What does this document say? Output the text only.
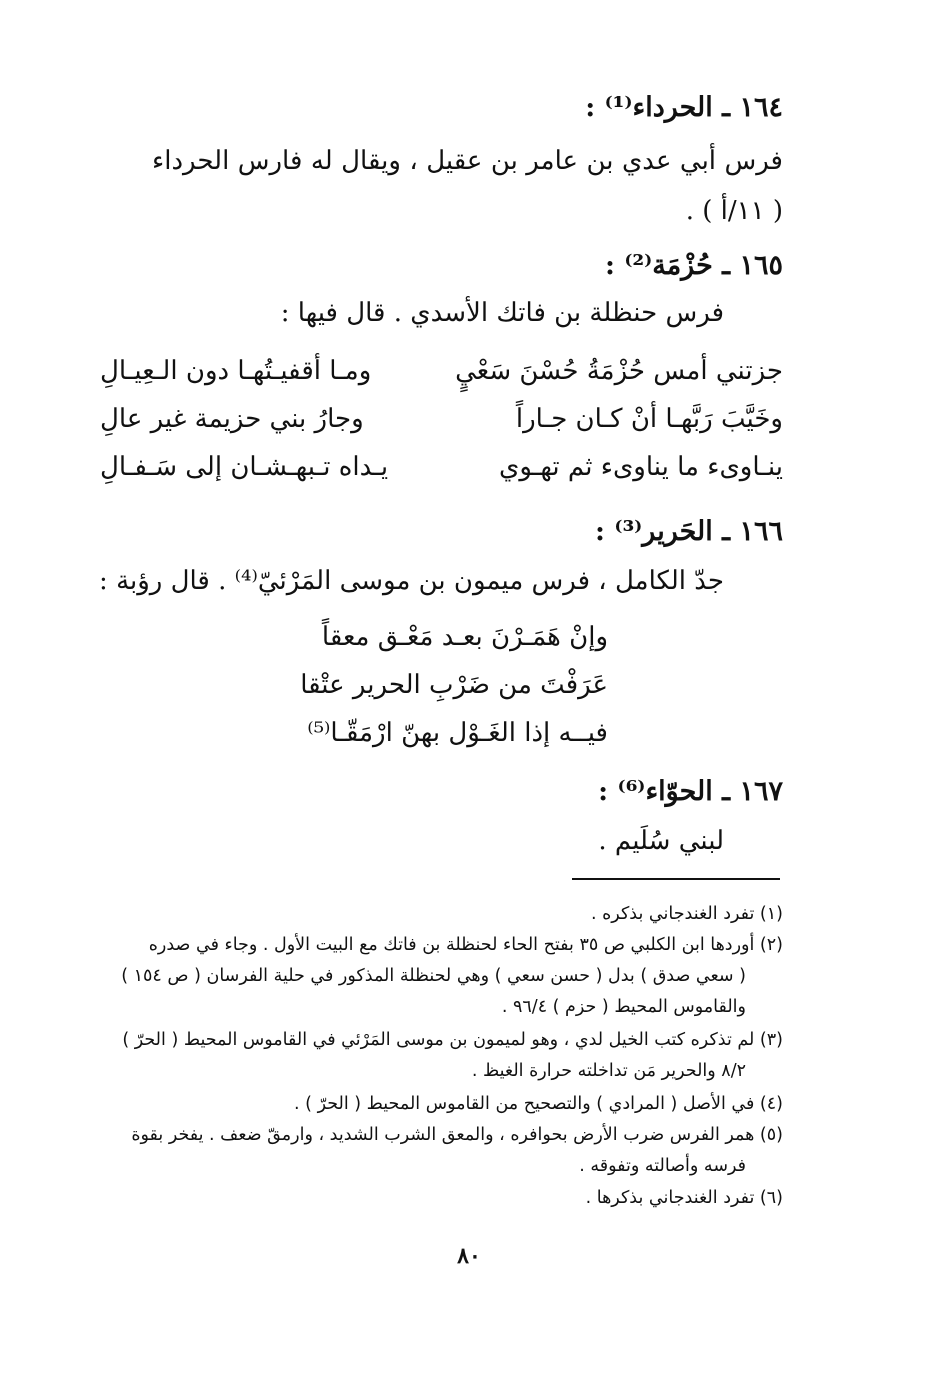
١٦٤ ـ الحرداء⁽¹⁾ :
فرس أبي عدي بن عامر بن عقيل ، ويقال له فارس الحرداء
( ١١/أ ) .
١٦٥ ـ حُزْمَة⁽²⁾ :
فرس حنظلة بن فاتك الأسدي . قال فيها :
جزتني أمس حُزْمَةُ حُسْنَ سَعْيٍ
ومـا أقفيـتُهـا دون الـعِيـالِ
وخَيَّبَ رَبَّهـا أنْ كـان جـاراً
وجارُ بني حزيمة غير عالِ
ينـاوىء ما يناوىء ثم تهـوي
يـداه تـبهـشـان إلى سَـفـالِ
١٦٦ ـ الحَرير⁽³⁾ :
جدّ الكامل ، فرس ميمون بن موسى المَرْئيّ⁽⁴⁾ . قال رؤبة :
وإنْ هَمَـرْنَ بعـد مَعْـق معقاً
عَرَفْتَ من ضَرْبِ الحرير عتْقا
فيــه إذا الغَـوْل بهنّ ارْمَقّـا⁽⁵⁾
١٦٧ ـ الحوّاء⁽⁶⁾ :
لبني سُلَيم .
(١) تفرد الغندجاني بذكره .
(٢) أوردها ابن الكلبي ص ٣٥ بفتح الحاء لحنظلة بن فاتك مع البيت الأول . وجاء في صدره
( سعي صدق ) بدل ( حسن سعي ) وهي لحنظلة المذكور في حلية الفرسان ( ص ١٥٤ )
والقاموس المحيط ( حزم ) ٩٦/٤ .
(٣) لم تذكره كتب الخيل لدي ، وهو لميمون بن موسى المَرْئي في القاموس المحيط ( الحرّ )
٨/٢ والحرير مَن تداخلته حرارة الغيظ .
(٤) في الأصل ( المرادي ) والتصحيح من القاموس المحيط ( الحرّ ) .
(٥) همر الفرس ضرب الأرض بحوافره ، والمعق الشرب الشديد ، وارمقّ ضعف . يفخر بقوة
فرسه وأصالته وتفوقه .
(٦) تفرد الغندجاني بذكرها .
٨٠
